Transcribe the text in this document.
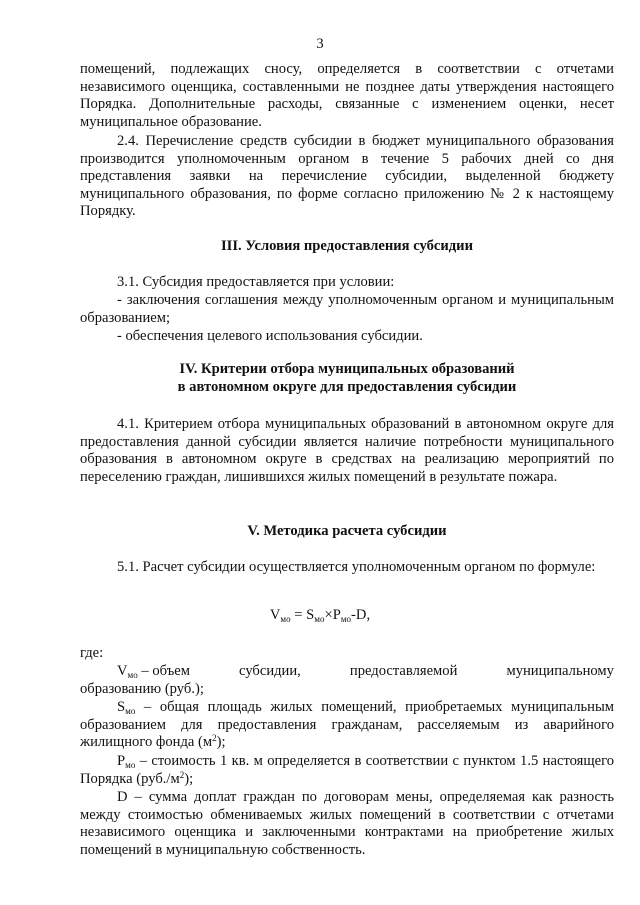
3

помещений, подлежащих сносу, определяется в соответствии с отчетами независимого оценщика, составленными не позднее даты утверждения настоящего Порядка. Дополнительные расходы, связанные с изменением оценки, несет муниципальное образование.

2.4. Перечисление средств субсидии в бюджет муниципального образования производится уполномоченным органом в течение 5 рабочих дней со дня представления заявки на перечисление субсидии, выделенной бюджету муниципального образования, по форме согласно приложению № 2 к настоящему Порядку.

III. Условия предоставления субсидии

3.1. Субсидия предоставляется при условии:

- заключения соглашения между уполномоченным органом и муниципальным образованием;

- обеспечения целевого использования субсидии.

IV. Критерии отбора муниципальных образований

в автономном округе для предоставления субсидии

4.1. Критерием отбора муниципальных образований в автономном округе для предоставления данной субсидии является наличие потребности муниципального образования в автономном округе в средствах на реализацию мероприятий по переселению граждан, лишившихся жилых помещений в результате пожара.

V. Методика расчета субсидии

5.1. Расчет субсидии осуществляется уполномоченным органом по формуле:

$V_{мо} = S_{мо}\times P_{мо}-D$,

где:

$V_{мо}$ – объем	субсидии,	предоставляемой	муниципальному
образованию (руб.);

$S_{мо}$ – общая площадь жилых помещений, приобретаемых муниципальным образованием для предоставления гражданам, расселяемым из аварийного жилищного фонда $(м^2)$;

$P_{мо}$ – стоимость 1 кв. м определяется в соответствии с пунктом 1.5 настоящего Порядка $(руб./м^2)$;

D – сумма доплат граждан по договорам мены, определяемая как разность между стоимостью обмениваемых жилых помещений в соответствии с отчетами независимого оценщика и заключенными контрактами на приобретение жилых помещений в муниципальную собственность.
